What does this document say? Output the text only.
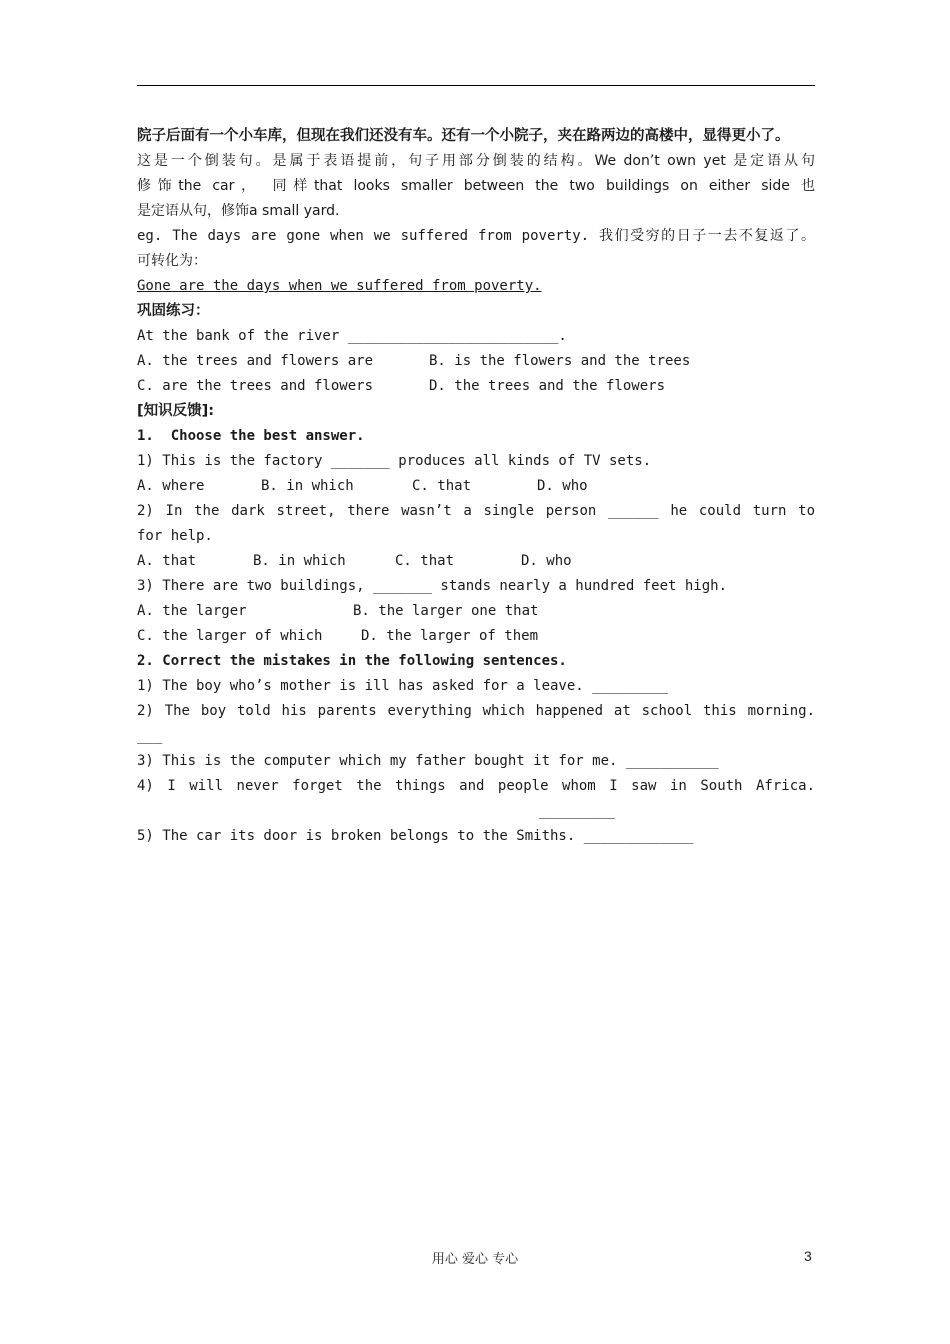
院子后面有一个小车库，但现在我们还没有车。还有一个小院子，夹在路两边的高楼中，显得更小了。

这是一个倒装句。是属于表语提前，句子用部分倒装的结构。We don’t own yet 是定语从句

修饰the car， 同样that looks smaller between the two buildings on either side 也

是定语从句，修饰a small yard.

eg. The days are gone when we suffered from poverty. 我们受穷的日子一去不复返了。

可转化为：

Gone are the days when we suffered from poverty.

巩固练习：

At the bank of the river _________________________.

A. the trees and flowers are	B. is the flowers and the trees
C. are the trees and flowers	D. the trees and the flowers

[知识反馈]:

1.  Choose the best answer.

1) This is the factory _______ produces all kinds of TV sets.

A. where	B. in which	C. that	D. who

2) In the dark street, there wasn’t a single person ______ he could turn to

for help.

A. that	B. in which	C. that	D. who

3) There are two buildings, _______ stands nearly a hundred feet high.

A. the larger	B. the larger one that
C. the larger of which	D. the larger of them

2. Correct the mistakes in the following sentences.

1) The boy who’s mother is ill has asked for a leave. _________

2) The boy told his parents everything which happened at school this morning.

___

3) This is the computer which my father bought it for me. ___________

4) I will never forget the things and people whom I saw in South Africa.

_________

5) The car its door is broken belongs to the Smiths. _____________

用心 爱心 专心	3
